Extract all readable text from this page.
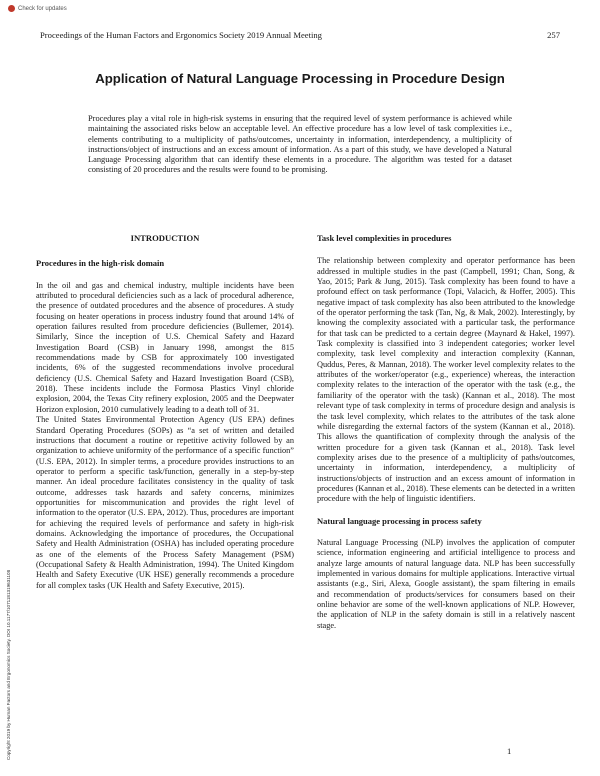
Check for updates
Proceedings of the Human Factors and Ergonomics Society 2019 Annual Meeting	257
Application of Natural Language Processing in Procedure Design
Procedures play a vital role in high-risk systems in ensuring that the required level of system performance is achieved while maintaining the associated risks below an acceptable level. An effective procedure has a low level of task complexities i.e., elements contributing to a multiplicity of paths/outcomes, uncertainty in information, interdependency, a multiplicity of instructions/object of instructions and an excess amount of information. As a part of this study, we have developed a Natural Language Processing algorithm that can identify these elements in a procedure. The algorithm was tested for a dataset consisting of 20 procedures and the results were found to be promising.
INTRODUCTION
Procedures in the high-risk domain

In the oil and gas and chemical industry, multiple incidents have been attributed to procedural deficiencies such as a lack of procedural adherence, the presence of outdated procedures and the absence of procedures. A study focusing on heater operations in process industry found that around 14% of operation failures resulted from procedure deficiencies (Bullemer, 2014). Similarly, Since the inception of U.S. Chemical Safety and Hazard Investigation Board (CSB) in January 1998, amongst the 815 recommendations made by CSB for approximately 100 investigated incidents, 6% of the suggested recommendations involve procedural deficiency (U.S. Chemical Safety and Hazard Investigation Board (CSB), 2018). These incidents include the Formosa Plastics Vinyl chloride explosion, 2004, the Texas City refinery explosion, 2005 and the Deepwater Horizon explosion, 2010 cumulatively leading to a death toll of 31.

The United States Environmental Protection Agency (US EPA) defines Standard Operating Procedures (SOPs) as “a set of written and detailed instructions that document a routine or repetitive activity followed by an organization to achieve uniformity of the performance of a specific function” (U.S. EPA, 2012). In simpler terms, a procedure provides instructions to an operator to perform a specific task/function, generally in a step-by-step manner. An ideal procedure facilitates consistency in the quality of task outcome, addresses task hazards and safety concerns, minimizes opportunities for miscommunication and provides the right level of information to the operator (U.S. EPA, 2012). Thus, procedures are important for achieving the required levels of performance and safety in high-risk domains. Acknowledging the importance of procedures, the Occupational Safety and Health Administration (OSHA) has included operating procedure as one of the elements of the Process Safety Management (PSM) (Occupational Safety & Health Administration, 1994). The United Kingdom Health and Safety Executive (UK HSE) generally recommends a procedure for all complex tasks (UK Health and Safety Executive, 2015).

Task level complexities in procedures

The relationship between complexity and operator performance has been addressed in multiple studies in the past (Campbell, 1991; Chan, Song, & Yao, 2015; Park & Jung, 2015). Task complexity has been found to have a profound effect on task performance (Topi, Valacich, & Hoffer, 2005). This negative impact of task complexity has also been attributed to the knowledge of the operator performing the task (Tan, Ng, & Mak, 2002). Interestingly, by knowing the complexity associated with a particular task, the performance for that task can be predicted to a certain degree (Maynard & Hakel, 1997). Task complexity is classified into 3 independent categories; worker level complexity, task level complexity and interaction complexity (Kannan, Quddus, Peres, & Mannan, 2018). The worker level complexity relates to the attributes of the worker/operator (e.g., experience) whereas, the interaction complexity relates to the interaction of the operator with the task (e.g., the familiarity of the operator with the task) (Kannan et al., 2018). The most relevant type of task complexity in terms of procedure design and analysis is the task level complexity, which relates to the attributes of the task alone while disregarding the external factors of the system (Kannan et al., 2018). This allows the quantification of complexity through the analysis of the written procedure for a given task (Kannan et al., 2018). Task level complexity arises due to the presence of a multiplicity of paths/outcomes, uncertainty in information, interdependency, a multiplicity of instructions/objects of instruction and an excess amount of information in procedures (Kannan et al., 2018). These elements can be detected in a written procedure with the help of linguistic identifiers.

Natural language processing in process safety

Natural Language Processing (NLP) involves the application of computer science, information engineering and artificial intelligence to process and analyze large amounts of natural language data. NLP has been successfully implemented in various domains for multiple applications. Interactive virtual assistants (e.g., Siri, Alexa, Google assistant), the spam filtering in emails and recommendation of products/services for consumers based on their online behavior are some of the well-known applications of NLP. However, the application of NLP in the safety domain is still in a relatively nascent stage.

Copyright 2019 by Human Factors and Ergonomics Society. DOI 10.1177/1071181319631108	1
